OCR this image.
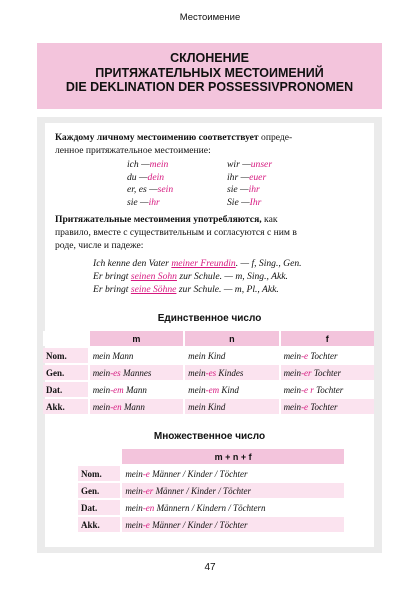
Местоимение
СКЛОНЕНИЕ
ПРИТЯЖАТЕЛЬНЫХ МЕСТОИМЕНИЙ
DIE DEKLINATION DER POSSESSIVPRONOMEN
Каждому личному местоимению соответствует опреде-
ленное притяжательное местоимение:
ich —mein	wir —unser
du —dein	ihr —euer
er, es —sein	sie —ihr
sie —ihr	Sie —Ihr
Притяжательные местоимения употребляются, как
правило, вместе с существительным и согласуются с ним в
роде, числе и падеже:
Ich kenne den Vater meiner Freundin. — f, Sing., Gen.
Er bringt seinen Sohn zur Schule. — m, Sing., Akk.
Er bringt seine Söhne zur Schule. — m, Pl., Akk.
Единственное число
	m	n	f
Nom.	mein Mann	mein Kind	mein-e Tochter
Gen.	mein-es Mannes	mein-es Kindes	mein-er Tochter
Dat.	mein-em Mann	mein-em Kind	mein-e r Tochter
Akk.	mein-en Mann	mein Kind	mein-e Tochter
Множественное число
	m + n + f
Nom.	mein-e Männer / Kinder / Töchter
Gen.	mein-er Männer / Kinder / Töchter
Dat.	mein-en Männern / Kindern / Töchtern
Akk.	mein-e Männer / Kinder / Töchter
47
